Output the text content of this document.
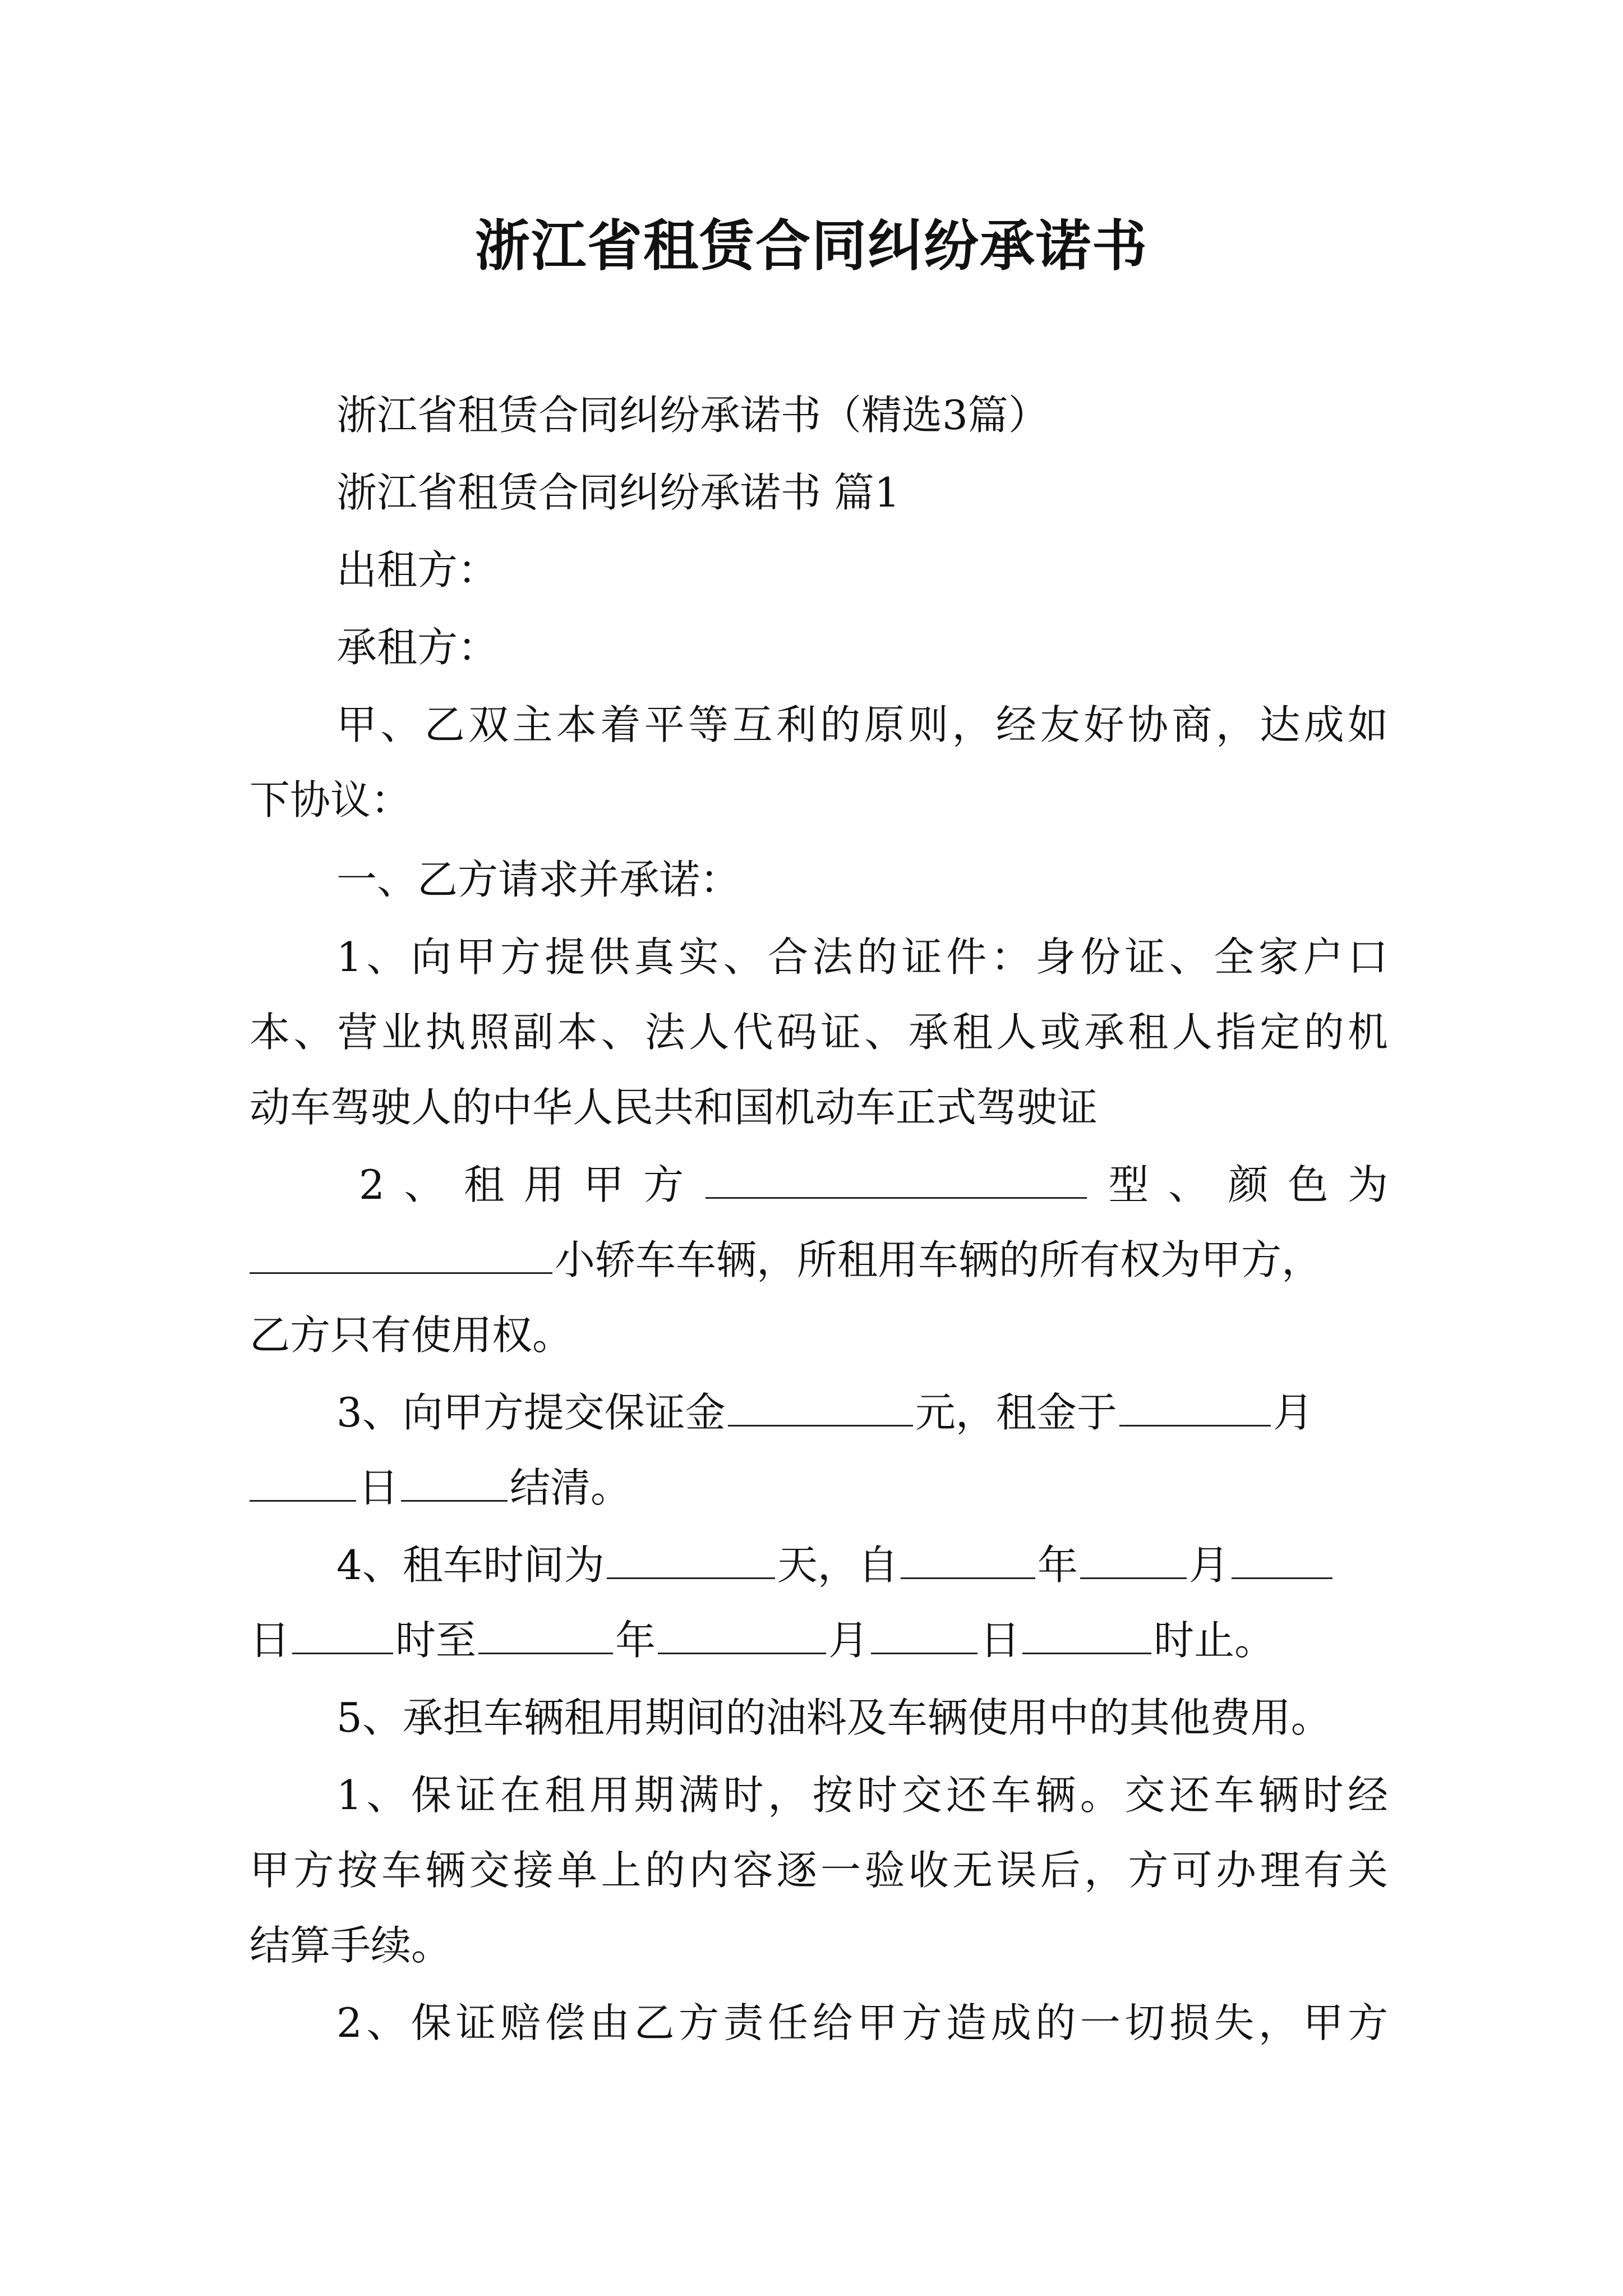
浙江省租赁合同纠纷承诺书
浙江省租赁合同纠纷承诺书（精选3篇）
浙江省租赁合同纠纷承诺书 篇1
出租方：
承租方：
甲、乙双主本着平等互利的原则，经友好协商，达成如
下协议：
一、乙方请求并承诺：
1、向甲方提供真实、合法的证件：身份证、全家户口
本、营业执照副本、法人代码证、承租人或承租人指定的机
动车驾驶人的中华人民共和国机动车正式驾驶证
2、租用甲方	型、颜色为
小轿车车辆，所租用车辆的所有权为甲方，
乙方只有使用权。
3、向甲方提交保证金	元，租金于	月
日	结清。
4、租车时间为	天，自	年	月
日	时至	年	月	日	时止。
5、承担车辆租用期间的油料及车辆使用中的其他费用。
1、保证在租用期满时，按时交还车辆。交还车辆时经
甲方按车辆交接单上的内容逐一验收无误后，方可办理有关
结算手续。
2、保证赔偿由乙方责任给甲方造成的一切损失，甲方
